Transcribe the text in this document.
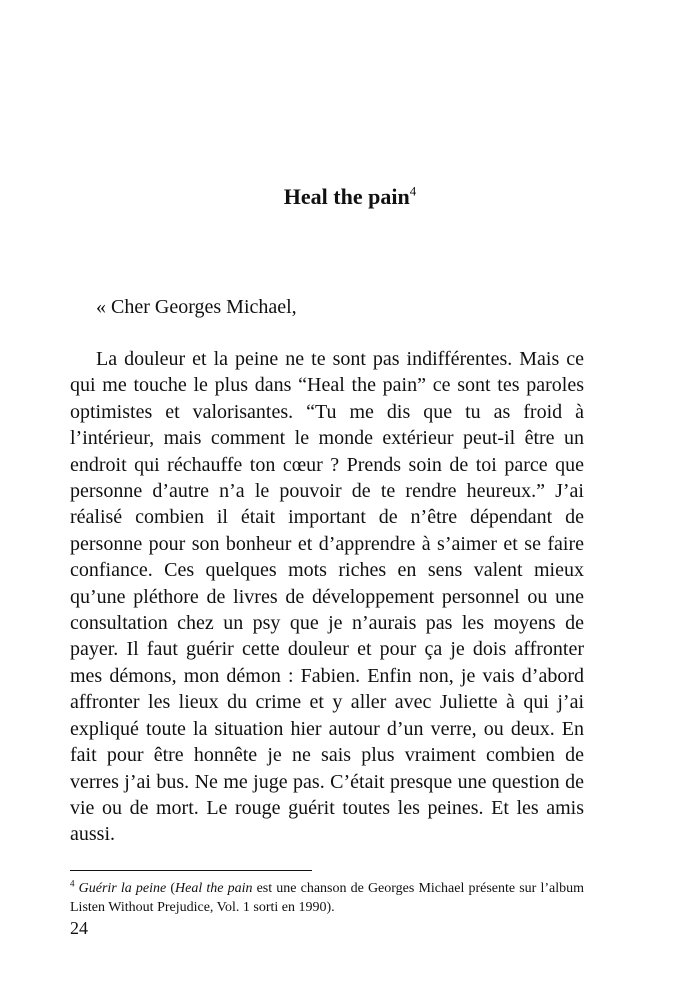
Heal the pain$^4$

« Cher Georges Michael,

La douleur et la peine ne te sont pas indifférentes. Mais ce qui me touche le plus dans “Heal the pain” ce sont tes paroles optimistes et valorisantes. “Tu me dis que tu as froid à l’intérieur, mais comment le monde extérieur peut-il être un endroit qui réchauffe ton cœur ? Prends soin de toi parce que personne d’autre n’a le pouvoir de te rendre heureux.” J’ai réalisé combien il était important de n’être dépendant de personne pour son bonheur et d’apprendre à s’aimer et se faire confiance. Ces quelques mots riches en sens valent mieux qu’une pléthore de livres de développement personnel ou une consultation chez un psy que je n’aurais pas les moyens de payer. Il faut guérir cette douleur et pour ça je dois affronter mes démons, mon démon : Fabien. Enfin non, je vais d’abord affronter les lieux du crime et y aller avec Juliette à qui j’ai expliqué toute la situation hier autour d’un verre, ou deux. En fait pour être honnête je ne sais plus vraiment combien de verres j’ai bus. Ne me juge pas. C’était presque une question de vie ou de mort. Le rouge guérit toutes les peines. Et les amis aussi.

$^4$ Guérir la peine (Heal the pain est une chanson de Georges Michael présente sur l’album Listen Without Prejudice, Vol. 1 sorti en 1990).

24
